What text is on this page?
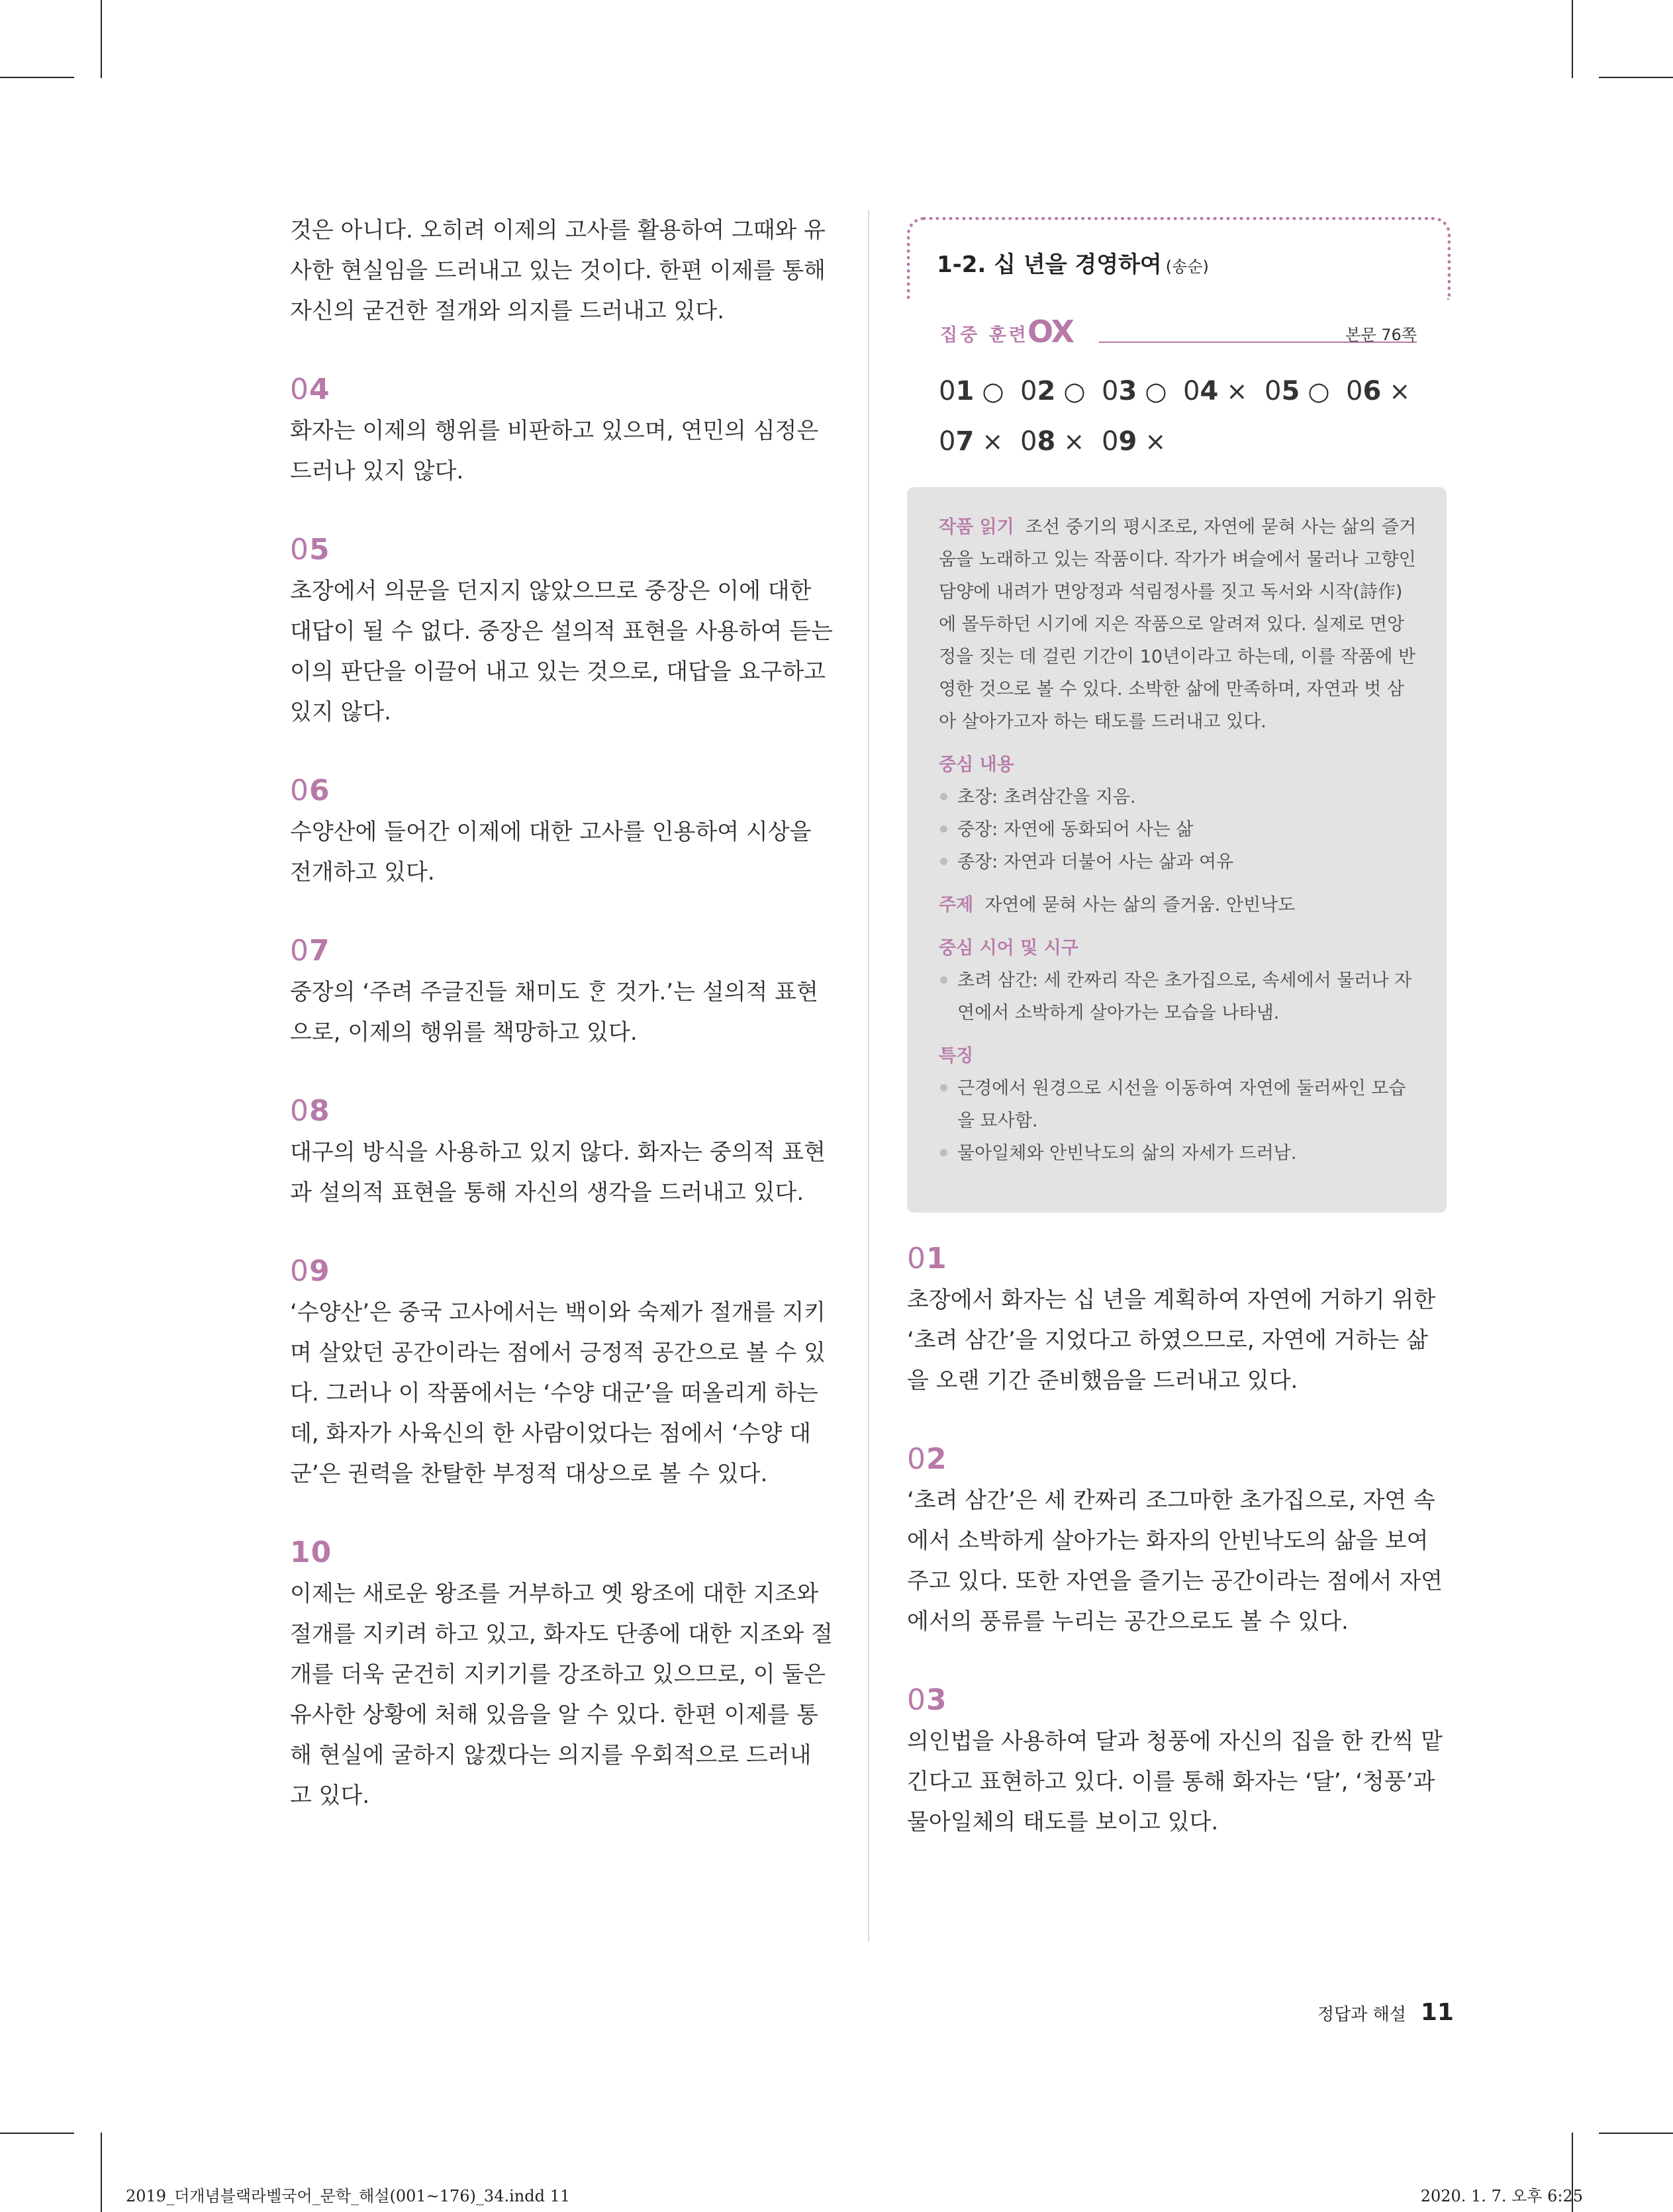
것은 아니다. 오히려 이제의 고사를 활용하여 그때와 유사한 현실임을 드러내고 있는 것이다. 한편 이제를 통해 자신의 굳건한 절개와 의지를 드러내고 있다.

04

화자는 이제의 행위를 비판하고 있으며, 연민의 심정은 드러나 있지 않다.

05

초장에서 의문을 던지지 않았으므로 중장은 이에 대한 대답이 될 수 없다. 중장은 설의적 표현을 사용하여 듣는 이의 판단을 이끌어 내고 있는 것으로, 대답을 요구하고 있지 않다.

06

수양산에 들어간 이제에 대한 고사를 인용하여 시상을 전개하고 있다.

07

중장의 ‘주려 주글진들 채미도 ᄒᆞᆫ 것가.’는 설의적 표현으로, 이제의 행위를 책망하고 있다.

08

대구의 방식을 사용하고 있지 않다. 화자는 중의적 표현과 설의적 표현을 통해 자신의 생각을 드러내고 있다.

09

‘수양산’은 중국 고사에서는 백이와 숙제가 절개를 지키며 살았던 공간이라는 점에서 긍정적 공간으로 볼 수 있다. 그러나 이 작품에서는 ‘수양 대군’을 떠올리게 하는데, 화자가 사육신의 한 사람이었다는 점에서 ‘수양 대군’은 권력을 찬탈한 부정적 대상으로 볼 수 있다.

10

이제는 새로운 왕조를 거부하고 옛 왕조에 대한 지조와 절개를 지키려 하고 있고, 화자도 단종에 대한 지조와 절개를 더욱 굳건히 지키기를 강조하고 있으므로, 이 둘은 유사한 상황에 처해 있음을 알 수 있다. 한편 이제를 통해 현실에 굴하지 않겠다는 의지를 우회적으로 드러내고 있다.

1-2. 십 년을 경영하여 (송순)
집중 훈련
OX	본문 76쪽
01 ○ 02 ○ 03 ○ 04 × 05 ○ 06 ×
07 × 08 × 09 ×

작품 읽기 조선 중기의 평시조로, 자연에 묻혀 사는 삶의 즐거움을 노래하고 있는 작품이다. 작가가 벼슬에서 물러나 고향인 담양에 내려가 면앙정과 석림정사를 짓고 독서와 시작(詩作)에 몰두하던 시기에 지은 작품으로 알려져 있다. 실제로 면앙정을 짓는 데 걸린 기간이 10년이라고 하는데, 이를 작품에 반영한 것으로 볼 수 있다. 소박한 삶에 만족하며, 자연과 벗 삼아 살아가고자 하는 태도를 드러내고 있다.

중심 내용

초장: 초려삼간을 지음.

중장: 자연에 동화되어 사는 삶

종장: 자연과 더불어 사는 삶과 여유

주제 자연에 묻혀 사는 삶의 즐거움. 안빈낙도

중심 시어 및 시구

초려 삼간: 세 칸짜리 작은 초가집으로, 속세에서 물러나 자연에서 소박하게 살아가는 모습을 나타냄.

특징

근경에서 원경으로 시선을 이동하여 자연에 둘러싸인 모습을 묘사함.

물아일체와 안빈낙도의 삶의 자세가 드러남.

01

초장에서 화자는 십 년을 계획하여 자연에 거하기 위한 ‘초려 삼간’을 지었다고 하였으므로, 자연에 거하는 삶을 오랜 기간 준비했음을 드러내고 있다.

02

‘초려 삼간’은 세 칸짜리 조그마한 초가집으로, 자연 속에서 소박하게 살아가는 화자의 안빈낙도의 삶을 보여 주고 있다. 또한 자연을 즐기는 공간이라는 점에서 자연에서의 풍류를 누리는 공간으로도 볼 수 있다.

03

의인법을 사용하여 달과 청풍에 자신의 집을 한 칸씩 맡긴다고 표현하고 있다. 이를 통해 화자는 ‘달’, ‘청풍’과 물아일체의 태도를 보이고 있다.

정답과 해설 11
2019_더개념블랙라벨국어_문학_해설(001~176)_34.indd 11	2020. 1. 7. 오후 6:25
